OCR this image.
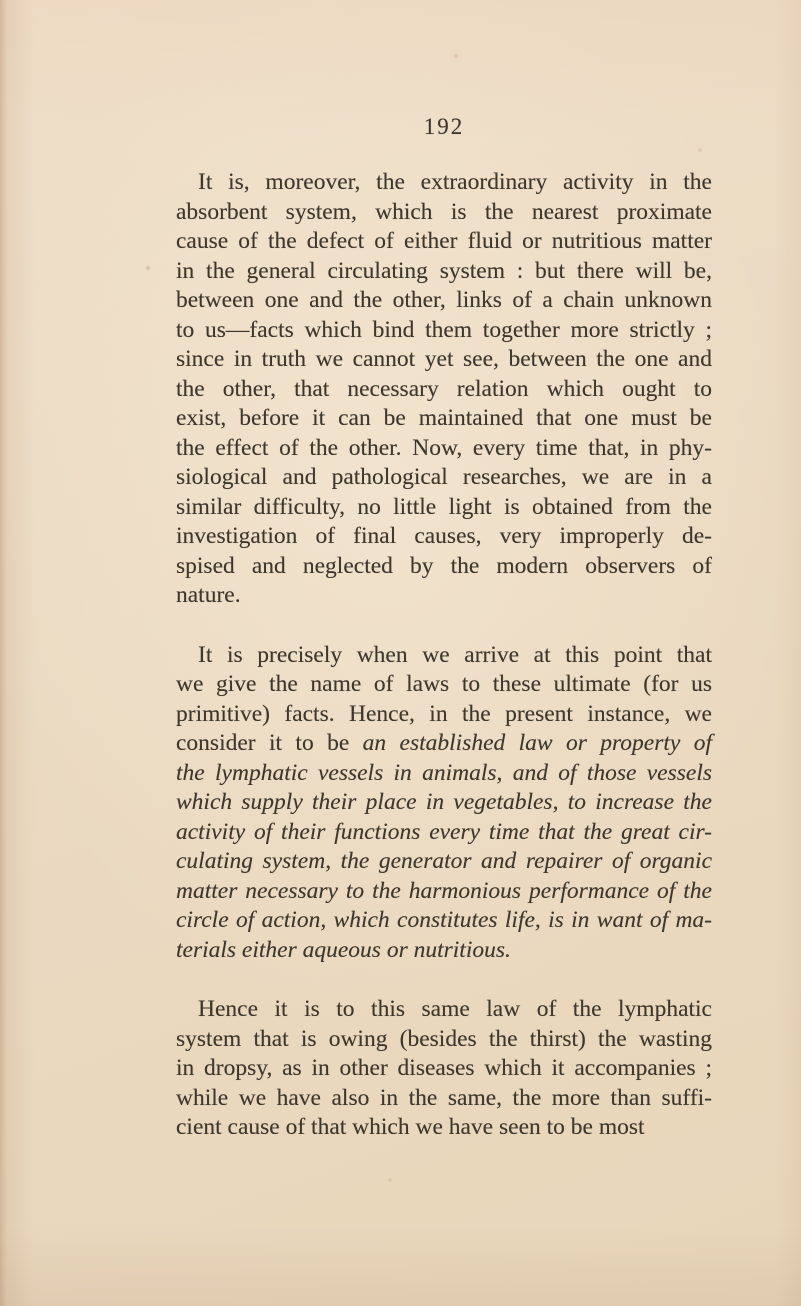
192
It is, moreover, the extraordinary activity in the
absorbent system, which is the nearest proximate
cause of the defect of either fluid or nutritious matter
in the general circulating system : but there will be,
between one and the other, links of a chain unknown
to us—facts which bind them together more strictly ;
since in truth we cannot yet see, between the one and
the other, that necessary relation which ought to
exist, before it can be maintained that one must be
the effect of the other. Now, every time that, in phy-
siological and pathological researches, we are in a
similar difficulty, no little light is obtained from the
investigation of final causes, very improperly de-
spised and neglected by the modern observers of
nature.
It is precisely when we arrive at this point that
we give the name of laws to these ultimate (for us
primitive) facts. Hence, in the present instance, we
consider it to be an established law or property of
the lymphatic vessels in animals, and of those vessels
which supply their place in vegetables, to increase the
activity of their functions every time that the great cir-
culating system, the generator and repairer of organic
matter necessary to the harmonious performance of the
circle of action, which constitutes life, is in want of ma-
terials either aqueous or nutritious.
Hence it is to this same law of the lymphatic
system that is owing (besides the thirst) the wasting
in dropsy, as in other diseases which it accompanies ;
while we have also in the same, the more than suffi-
cient cause of that which we have seen to be most
